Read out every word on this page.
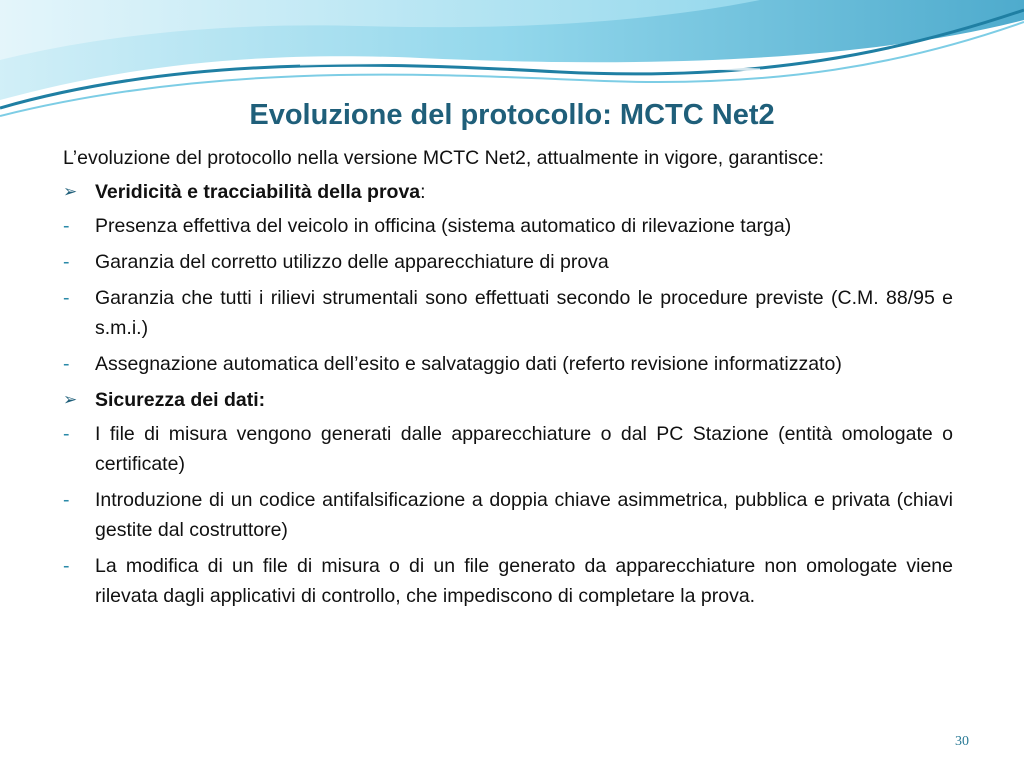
Evoluzione del protocollo: MCTC Net2

L’evoluzione del protocollo nella versione MCTC Net2, attualmente in vigore, garantisce:

➢ Veridicità e tracciabilità della prova:
-	Presenza effettiva del veicolo in officina (sistema automatico di rilevazione targa)
-	Garanzia del corretto utilizzo delle apparecchiature di prova
-	Garanzia che tutti i rilievi strumentali sono effettuati secondo le procedure previste (C.M. 88/95 e s.m.i.)
-	Assegnazione automatica dell’esito e salvataggio dati (referto revisione informatizzato)
➢ Sicurezza dei dati:
-	I file di misura vengono generati dalle apparecchiature o dal PC Stazione (entità omologate o certificate)
-	Introduzione di un codice antifalsificazione a doppia chiave asimmetrica, pubblica e privata (chiavi gestite dal costruttore)
-	La modifica di un file di misura o di un file generato da apparecchiature non omologate viene rilevata dagli applicativi di controllo, che impediscono di completare la prova.
30
